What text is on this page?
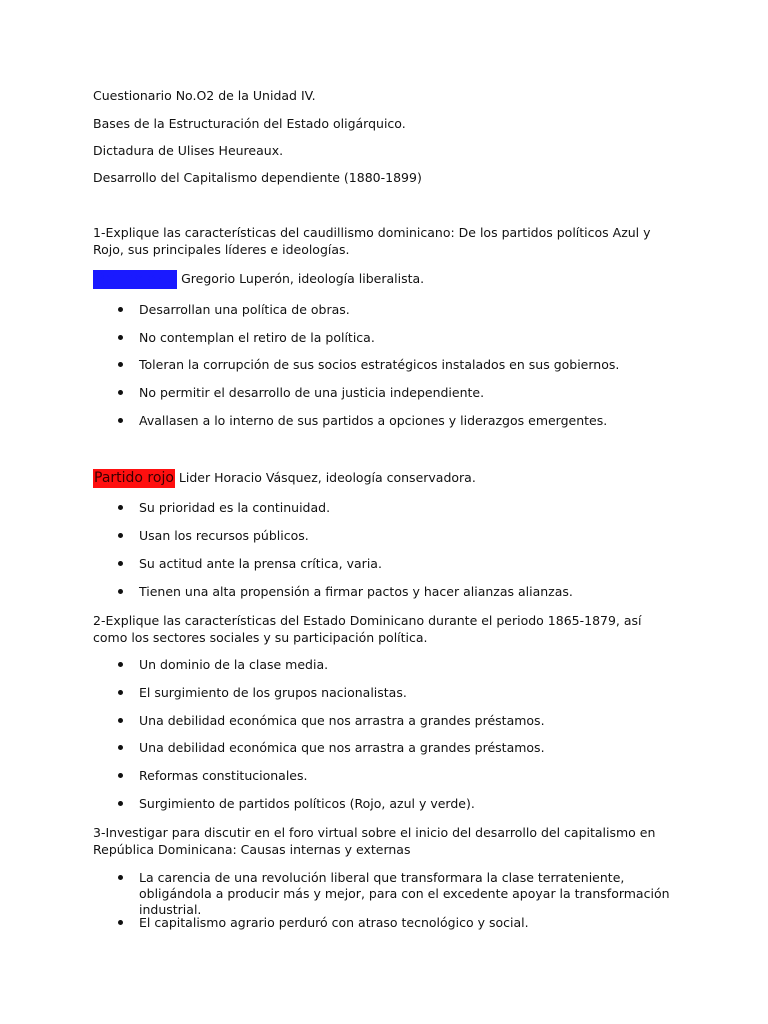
Cuestionario No.O2 de la Unidad IV.
Bases de la Estructuración del Estado oligárquico.
Dictadura de Ulises Heureaux.
Desarrollo del Capitalismo dependiente (1880-1899)
1-Explique las características del caudillismo dominicano: De los partidos políticos Azul y Rojo, sus principales líderes e ideologías.
Partido azul Gregorio Luperón, ideología liberalista.
Desarrollan una política de obras.
No contemplan el retiro de la política.
Toleran la corrupción de sus socios estratégicos instalados en sus gobiernos.
No permitir el desarrollo de una justicia independiente.
Avallasen a lo interno de sus partidos a opciones y liderazgos emergentes.
Partido rojo Lider Horacio Vásquez, ideología conservadora.
Su prioridad es la continuidad.
Usan los recursos públicos.
Su actitud ante la prensa crítica, varia.
Tienen una alta propensión a firmar pactos y hacer alianzas alianzas.
2-Explique las características del Estado Dominicano durante el periodo 1865-1879, así como los sectores sociales y su participación política.
Un dominio de la clase media.
El surgimiento de los grupos nacionalistas.
Una debilidad económica que nos arrastra a grandes préstamos.
Una debilidad económica que nos arrastra a grandes préstamos.
Reformas constitucionales.
Surgimiento de partidos políticos (Rojo, azul y verde).
3-Investigar para discutir en el foro virtual sobre el inicio del desarrollo del capitalismo en República Dominicana: Causas internas y externas
La carencia de una revolución liberal que transformara la clase terrateniente, obligándola a producir más y mejor, para con el excedente apoyar la transformación industrial.
El capitalismo agrario perduró con atraso tecnológico y social.
